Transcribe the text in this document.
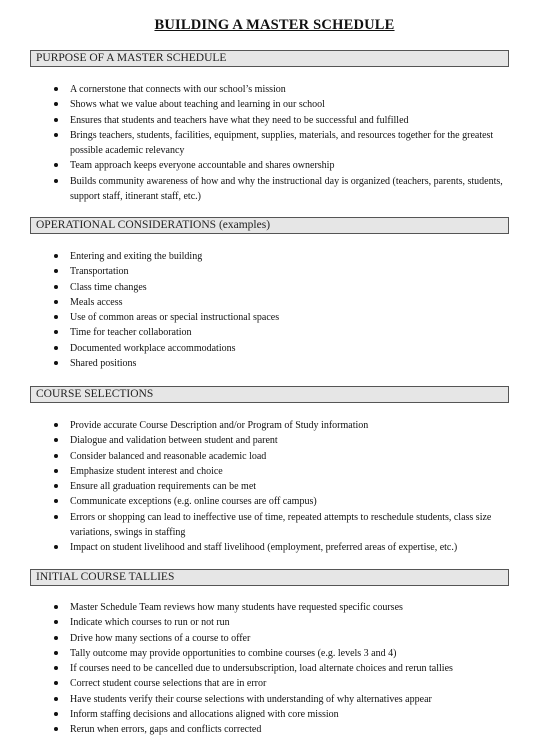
BUILDING A MASTER SCHEDULE
PURPOSE OF A MASTER SCHEDULE
A cornerstone that connects with our school’s mission
Shows what we value about teaching and learning in our school
Ensures that students and teachers have what they need to be successful and fulfilled
Brings teachers, students, facilities, equipment, supplies, materials, and resources together for the greatest possible academic relevancy
Team approach keeps everyone accountable and shares ownership
Builds community awareness of how and why the instructional day is organized (teachers, parents, students, support staff, itinerant staff, etc.)
OPERATIONAL CONSIDERATIONS (examples)
Entering and exiting the building
Transportation
Class time changes
Meals access
Use of common areas or special instructional spaces
Time for teacher collaboration
Documented workplace accommodations
Shared positions
COURSE SELECTIONS
Provide accurate Course Description and/or Program of Study information
Dialogue and validation between student and parent
Consider balanced and reasonable academic load
Emphasize student interest and choice
Ensure all graduation requirements can be met
Communicate exceptions (e.g. online courses are off campus)
Errors or shopping can lead to ineffective use of time, repeated attempts to reschedule students, class size variations, swings in staffing
Impact on student livelihood and staff livelihood (employment, preferred areas of expertise, etc.)
INITIAL COURSE TALLIES
Master Schedule Team reviews how many students have requested specific courses
Indicate which courses to run or not run
Drive how many sections of a course to offer
Tally outcome may provide opportunities to combine courses (e.g. levels 3 and 4)
If courses need to be cancelled due to undersubscription, load alternate choices and rerun tallies
Correct student course selections that are in error
Have students verify their course selections with understanding of why alternatives appear
Inform staffing decisions and allocations aligned with core mission
Rerun when errors, gaps and conflicts corrected
